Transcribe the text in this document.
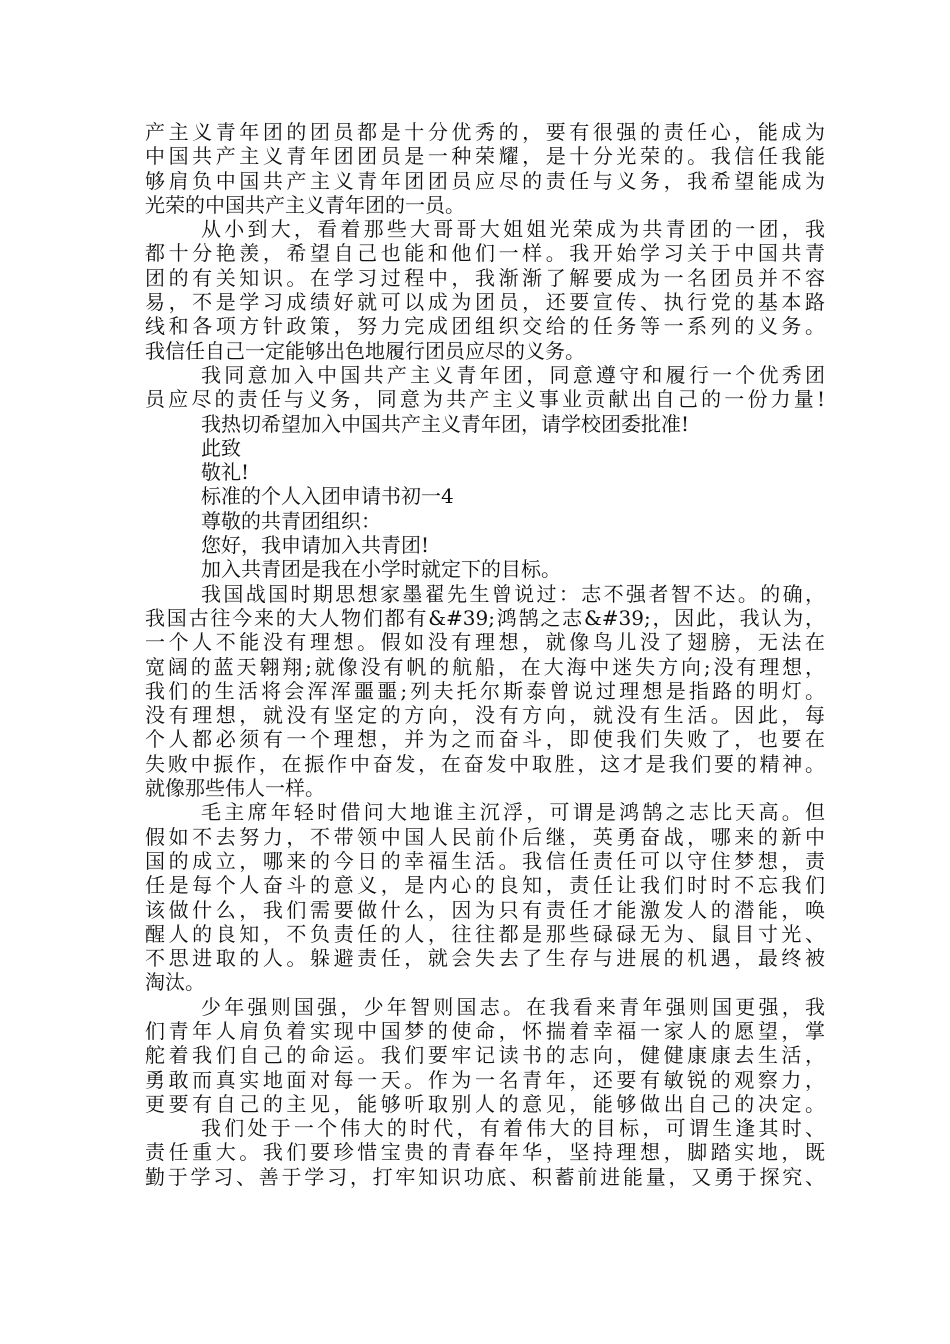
产主义青年团的团员都是十分优秀的，要有很强的责任心，能成为
中国共产主义青年团团员是一种荣耀，是十分光荣的。我信任我能
够肩负中国共产主义青年团团员应尽的责任与义务，我希望能成为
光荣的中国共产主义青年团的一员。
从小到大，看着那些大哥哥大姐姐光荣成为共青团的一团，我
都十分艳羡，希望自己也能和他们一样。我开始学习关于中国共青
团的有关知识。在学习过程中，我渐渐了解要成为一名团员并不容
易，不是学习成绩好就可以成为团员，还要宣传、执行党的基本路
线和各项方针政策，努力完成团组织交给的任务等一系列的义务。
我信任自己一定能够出色地履行团员应尽的义务。
我同意加入中国共产主义青年团，同意遵守和履行一个优秀团
员应尽的责任与义务，同意为共产主义事业贡献出自己的一份力量!
我热切希望加入中国共产主义青年团，请学校团委批准!
此致
敬礼!
标准的个人入团申请书初一4
尊敬的共青团组织：
您好，我申请加入共青团!
加入共青团是我在小学时就定下的目标。
我国战国时期思想家墨翟先生曾说过：志不强者智不达。的确，
我国古往今来的大人物们都有&#39;鸿鹄之志&#39;，因此，我认为，
一个人不能没有理想。假如没有理想，就像鸟儿没了翅膀，无法在
宽阔的蓝天翱翔;就像没有帆的航船，在大海中迷失方向;没有理想，
我们的生活将会浑浑噩噩;列夫托尔斯泰曾说过理想是指路的明灯。
没有理想，就没有坚定的方向，没有方向，就没有生活。因此，每
个人都必须有一个理想，并为之而奋斗，即使我们失败了，也要在
失败中振作，在振作中奋发，在奋发中取胜，这才是我们要的精神。
就像那些伟人一样。
毛主席年轻时借问大地谁主沉浮，可谓是鸿鹄之志比天高。但
假如不去努力，不带领中国人民前仆后继，英勇奋战，哪来的新中
国的成立，哪来的今日的幸福生活。我信任责任可以守住梦想，责
任是每个人奋斗的意义，是内心的良知，责任让我们时时不忘我们
该做什么，我们需要做什么，因为只有责任才能激发人的潜能，唤
醒人的良知，不负责任的人，往往都是那些碌碌无为、鼠目寸光、
不思进取的人。躲避责任，就会失去了生存与进展的机遇，最终被
淘汰。
少年强则国强，少年智则国志。在我看来青年强则国更强，我
们青年人肩负着实现中国梦的使命，怀揣着幸福一家人的愿望，掌
舵着我们自己的命运。我们要牢记读书的志向，健健康康去生活，
勇敢而真实地面对每一天。作为一名青年，还要有敏锐的观察力，
更要有自己的主见，能够听取别人的意见，能够做出自己的决定。
我们处于一个伟大的时代，有着伟大的目标，可谓生逢其时、
责任重大。我们要珍惜宝贵的青春年华，坚持理想，脚踏实地，既
勤于学习、善于学习，打牢知识功底、积蓄前进能量，又勇于探究、
